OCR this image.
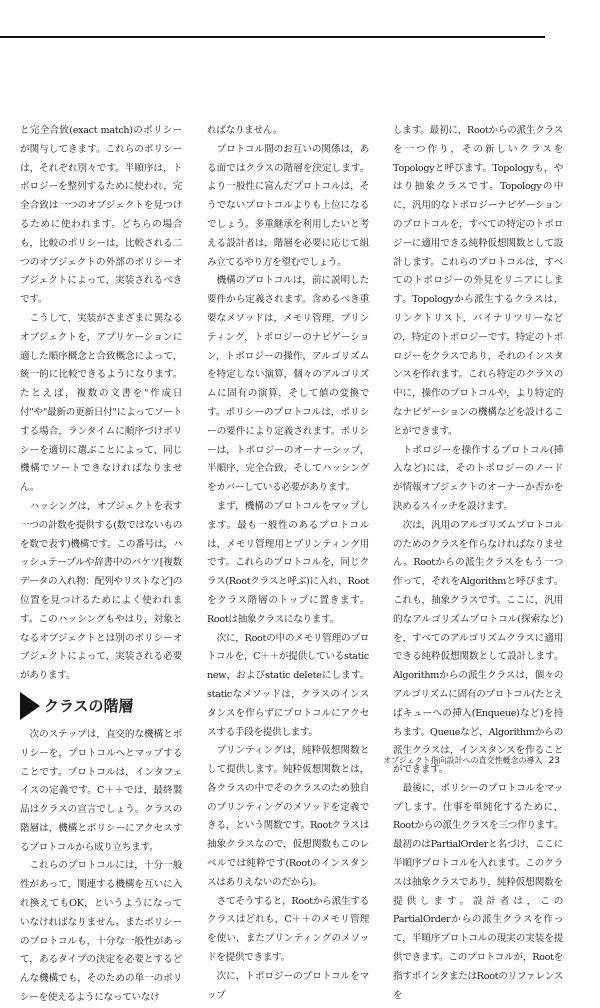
と完全合致(exact match)のポリシーが関与してきます。これらのポリシーは，それぞれ別々です。半順序は，トポロジーを整列するために使われ，完全合致は一つのオブジェクトを見つけるために使われます。どちらの場合も，比較のポリシーは，比較される二つのオブジェクトの外部のポリシーオブジェクトによって，実装されるべきです。

こうして，実装がさまざまに異なるオブジェクトを，アプリケーションに適した順序概念と合致概念によって，統一的に比較できるようになります。たとえば，複数の文書を"作成日付"や"最新の更新日付"によってソートする場合，ランタイムに順序づけポリシーを適切に選ぶことによって，同じ機構でソートできなければなりません。

ハッシングは，オブジェクトを表す一つの計数を提供する(数ではないものを数で表す)機構です。この番号は，ハッシュテーブルや辞書中のバケツ[複数データの入れ物：配列やリストなど]の位置を見つけるためによく使われます。このハッシングもやはり，対象となるオブジェクトとは別のポリシーオブジェクトによって，実装される必要があります。

クラスの階層

次のステップは，直交的な機構とポリシーを，プロトコルへとマップすることです。プロトコルは，インタフェイスの定義です。C＋＋では，最終製品はクラスの宣言でしょう。クラスの階層は，機構とポリシーにアクセスするプロトコルから成り立ちます。

これらのプロトコルには，十分一般性があって，関連する機構を互いに入れ換えてもOK，というようになっていなければなりません。またポリシーのプロトコルも，十分な一般性があって，あるタイプの決定を必要とするどんな機構でも，そのための単一のポリシーを使えるようになっていなけ

ればなりません。

プロトコル間のお互いの関係は，ある面ではクラスの階層を決定します。より一般性に富んだプロトコルは，そうでないプロトコルよりも上位になるでしょう。多重継承を利用したいと考える設計者は，階層を必要に応じて組み立てるやり方を望むでしょう。

機構のプロトコルは，前に説明した要件から定義されます。含めるべき重要なメソッドは，メモリ管理，プリンティング，トポロジーのナビゲーション，トポロジーの操作，アルゴリズムを特定しない演算，個々のアルゴリズムに固有の演算，そして値の変換です。ポリシーのプロトコルは，ポリシーの要件により定義されます。ポリシーは，トポロジーのオーナーシップ，半順序，完全合致，そしてハッシングをカバーしている必要があります。

まず，機構のプロトコルをマップします。最も一般性のあるプロトコルは，メモリ管理用とプリンティング用です。これらのプロトコルを，同じクラス(Rootクラスと呼ぶ)に入れ，Rootをクラス階層のトップに置きます。Rootは抽象クラスになります。

次に，Rootの中のメモリ管理のプロトコルを，C＋＋が提供しているstatic new，およびstatic deleteにします。staticなメソッドは，クラスのインスタンスを作らずにプロトコルにアクセスする手段を提供します。

プリンティングは，純粋仮想関数として提供します。純粋仮想関数とは，各クラスの中でそのクラスのため独自のプリンティングのメソッドを定義できる，という関数です。Rootクラスは抽象クラスなので，仮想関数もこのレベルでは純粋です(Rootのインスタンスはありえないのだから)。

さてそうすると，Rootから派生するクラスはどれも，C＋＋のメモリ管理を使い，またプリンティングのメソッドを提供できます。

次に，トポロジーのプロトコルをマップ

します。最初に，Rootからの派生クラスを一つ作り，その新しいクラスをTopologyと呼びます。Topologyも，やはり抽象クラスです。Topologyの中に，汎用的なトポロジーナビゲーションのプロトコルを，すべての特定のトポロジーに適用できる純粋仮想関数として設計します。これらのプロトコルは，すべてのトポロジーの外見をリニアにします。Topologyから派生するクラスは，リンクトリスト，バイナリツリーなどの，特定のトポロジーです。特定のトポロジーをクラスであり，それのインスタンスを作れます。これら特定のクラスの中に，操作のプロトコルや，より特定的なナビゲーションの機構などを設けることができます。

トポロジーを操作するプロトコル(挿入など)には，そのトポロジーのノードが情報オブジェクトのオーナーか否かを決めるスイッチを設けます。

次は，汎用のアルゴリズムプロトコルのためのクラスを作らなければなりません。Rootからの派生クラスをもう一つ作って，それをAlgorithmと呼びます。これも，抽象クラスです。ここに，汎用的なアルゴリズムプロトコル(探索など)を，すべてのアルゴリズムクラスに適用できる純粋仮想関数として設計します。Algorithmからの派生クラスは，個々のアルゴリズムに固有のプロトコル(たとえばキューへの挿入(Enqueue)など)を持ちます。Queueなど，Algorithmからの派生クラスは，インスタンスを作ることができます。

最後に，ポリシーのプロトコルをマップします。仕事を単純化するために，Rootからの派生クラスを三つ作ります。最初のはPartialOrderと名づけ，ここに半順序プロトコルを入れます。このクラスは抽象クラスであり，純粋仮想関数を提供します。設計者は，このPartialOrderからの派生クラスを作って，半順序プロトコルの現実の実装を提供できます。このプロトコルが，Rootを指すポインタまたはRootのリファレンスを

オブジェクト指向設計への直交性概念の導入 23
